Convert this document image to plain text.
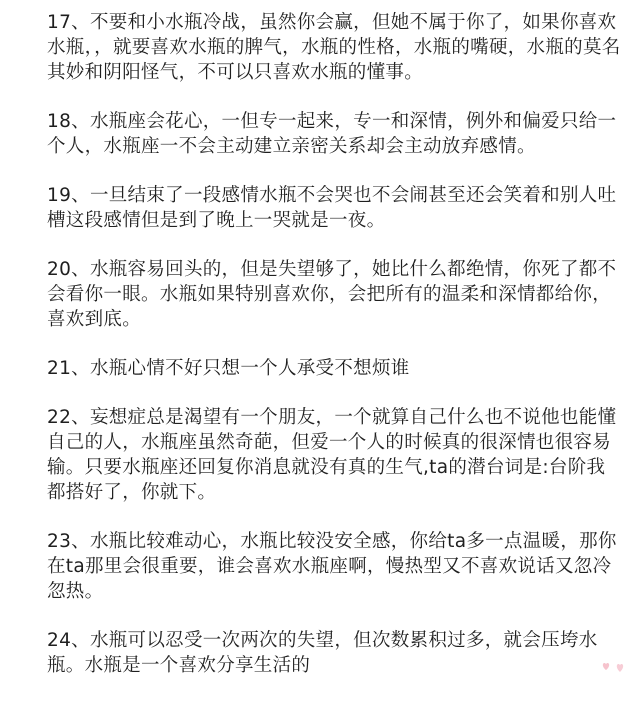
17、不要和小水瓶冷战，虽然你会赢，但她不属于你了，如果你喜欢水瓶，，就要喜欢水瓶的脾气，水瓶的性格，水瓶的嘴硬，水瓶的莫名其妙和阴阳怪气，不可以只喜欢水瓶的懂事。

18、水瓶座会花心，一但专一起来，专一和深情，例外和偏爱只给一个人，水瓶座一不会主动建立亲密关系却会主动放弃感情。

19、一旦结束了一段感情水瓶不会哭也不会闹甚至还会笑着和别人吐槽这段感情但是到了晚上一哭就是一夜。

20、水瓶容易回头的，但是失望够了，她比什么都绝情，你死了都不会看你一眼。水瓶如果特别喜欢你，会把所有的温柔和深情都给你，喜欢到底。

21、水瓶心情不好只想一个人承受不想烦谁

22、妄想症总是渴望有一个朋友，一个就算自己什么也不说他也能懂自己的人，水瓶座虽然奇葩，但爱一个人的时候真的很深情也很容易输。只要水瓶座还回复你消息就没有真的生气,ta的潜台词是:台阶我都搭好了，你就下。

23、水瓶比较难动心，水瓶比较没安全感，你给ta多一点温暖，那你在ta那里会很重要，谁会喜欢水瓶座啊，慢热型又不喜欢说话又忽冷忽热。

24、水瓶可以忍受一次两次的失望，但次数累积过多，就会压垮水瓶。水瓶是一个喜欢分享生活的
